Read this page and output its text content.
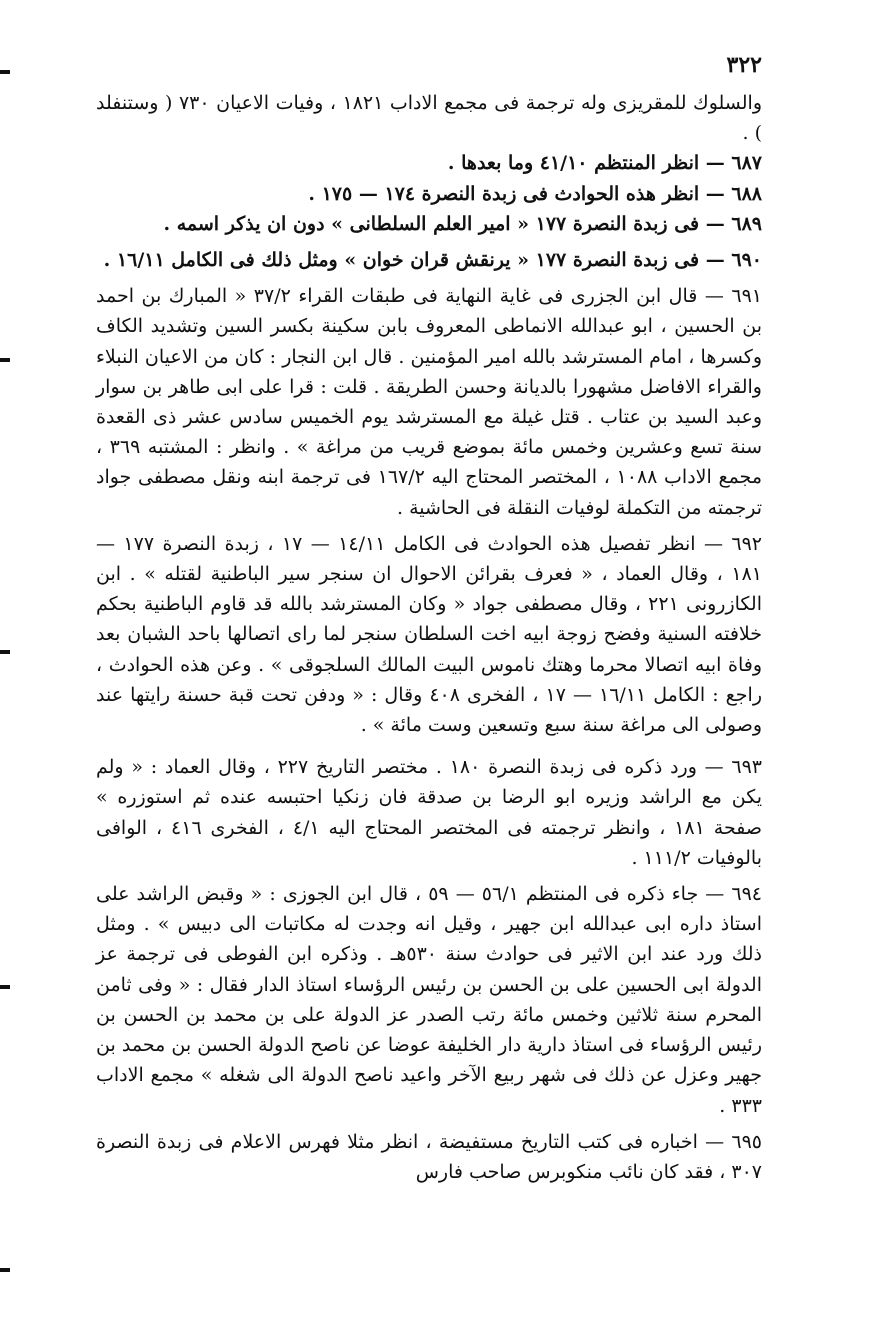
٣٢٢

والسلوك للمقريزى وله ترجمة فى مجمع الاداب ١٨٢١ ، وفيات الاعيان ٧٣٠ ( وستنفلد ) .

٦٨٧ — انظر المنتظم ٤١/١٠ وما بعدها .

٦٨٨ — انظر هذه الحوادث فى زبدة النصرة ١٧٤ — ١٧٥ .

٦٨٩ — فى زبدة النصرة ١٧٧ « امير العلم السلطانى » دون ان يذكر اسمه .

٦٩٠ — فى زبدة النصرة ١٧٧ « يرنقش قران خوان » ومثل ذلك فى الكامل ١٦/١١ .

٦٩١ — قال ابن الجزرى فى غاية النهاية فى طبقات القراء ٣٧/٢ « المبارك بن احمد بن الحسين ، ابو عبدالله الانماطى المعروف بابن سكينة بكسر السين وتشديد الكاف وكسرها ، امام المسترشد بالله امير المؤمنين . قال ابن النجار : كان من الاعيان النبلاء والقراء الافاضل مشهورا بالديانة وحسن الطريقة . قلت : قرا على ابى طاهر بن سوار وعبد السيد بن عتاب . قتل غيلة مع المسترشد يوم الخميس سادس عشر ذى القعدة سنة تسع وعشرين وخمس مائة بموضع قريب من مراغة » . وانظر : المشتبه ٣٦٩ ، مجمع الاداب ١٠٨٨ ، المختصر المحتاج اليه ١٦٧/٢ فى ترجمة ابنه ونقل مصطفى جواد ترجمته من التكملة لوفيات النقلة فى الحاشية .

٦٩٢ — انظر تفصيل هذه الحوادث فى الكامل ١٤/١١ — ١٧ ، زبدة النصرة ١٧٧ — ١٨١ ، وقال العماد ، « فعرف بقرائن الاحوال ان سنجر سير الباطنية لقتله » . ابن الكازرونى ٢٢١ ، وقال مصطفى جواد « وكان المسترشد بالله قد قاوم الباطنية بحكم خلافته السنية وفضح زوجة ابيه اخت السلطان سنجر لما راى اتصالها باحد الشبان بعد وفاة ابيه اتصالا محرما وهتك ناموس البيت المالك السلجوقى » . وعن هذه الحوادث ، راجع : الكامل ١٦/١١ — ١٧ ، الفخرى ٤٠٨ وقال : « ودفن تحت قبة حسنة رايتها عند وصولى الى مراغة سنة سبع وتسعين وست مائة » .

٦٩٣ — ورد ذكره فى زبدة النصرة ١٨٠ . مختصر التاريخ ٢٢٧ ، وقال العماد : « ولم يكن مع الراشد وزيره ابو الرضا بن صدقة فان زنكيا احتبسه عنده ثم استوزره » صفحة ١٨١ ، وانظر ترجمته فى المختصر المحتاج اليه ٤/١ ، الفخرى ٤١٦ ، الوافى بالوفيات ١١١/٢ .

٦٩٤ — جاء ذكره فى المنتظم ٥٦/١ — ٥٩ ، قال ابن الجوزى : « وقبض الراشد على استاذ داره ابى عبدالله ابن جهير ، وقيل انه وجدت له مكاتبات الى دبيس » . ومثل ذلك ورد عند ابن الاثير فى حوادث سنة ٥٣٠هـ . وذكره ابن الفوطى فى ترجمة عز الدولة ابى الحسين على بن الحسن بن رئيس الرؤساء استاذ الدار فقال : « وفى ثامن المحرم سنة ثلاثين وخمس مائة رتب الصدر عز الدولة على بن محمد بن الحسن بن رئيس الرؤساء فى استاذ دارية دار الخليفة عوضا عن ناصح الدولة الحسن بن محمد بن جهير وعزل عن ذلك فى شهر ربيع الآخر واعيد ناصح الدولة الى شغله » مجمع الاداب ٣٣٣ .

٦٩٥ — اخباره فى كتب التاريخ مستفيضة ، انظر مثلا فهرس الاعلام فى زبدة النصرة ٣٠٧ ، فقد كان نائب منكوبرس صاحب فارس
